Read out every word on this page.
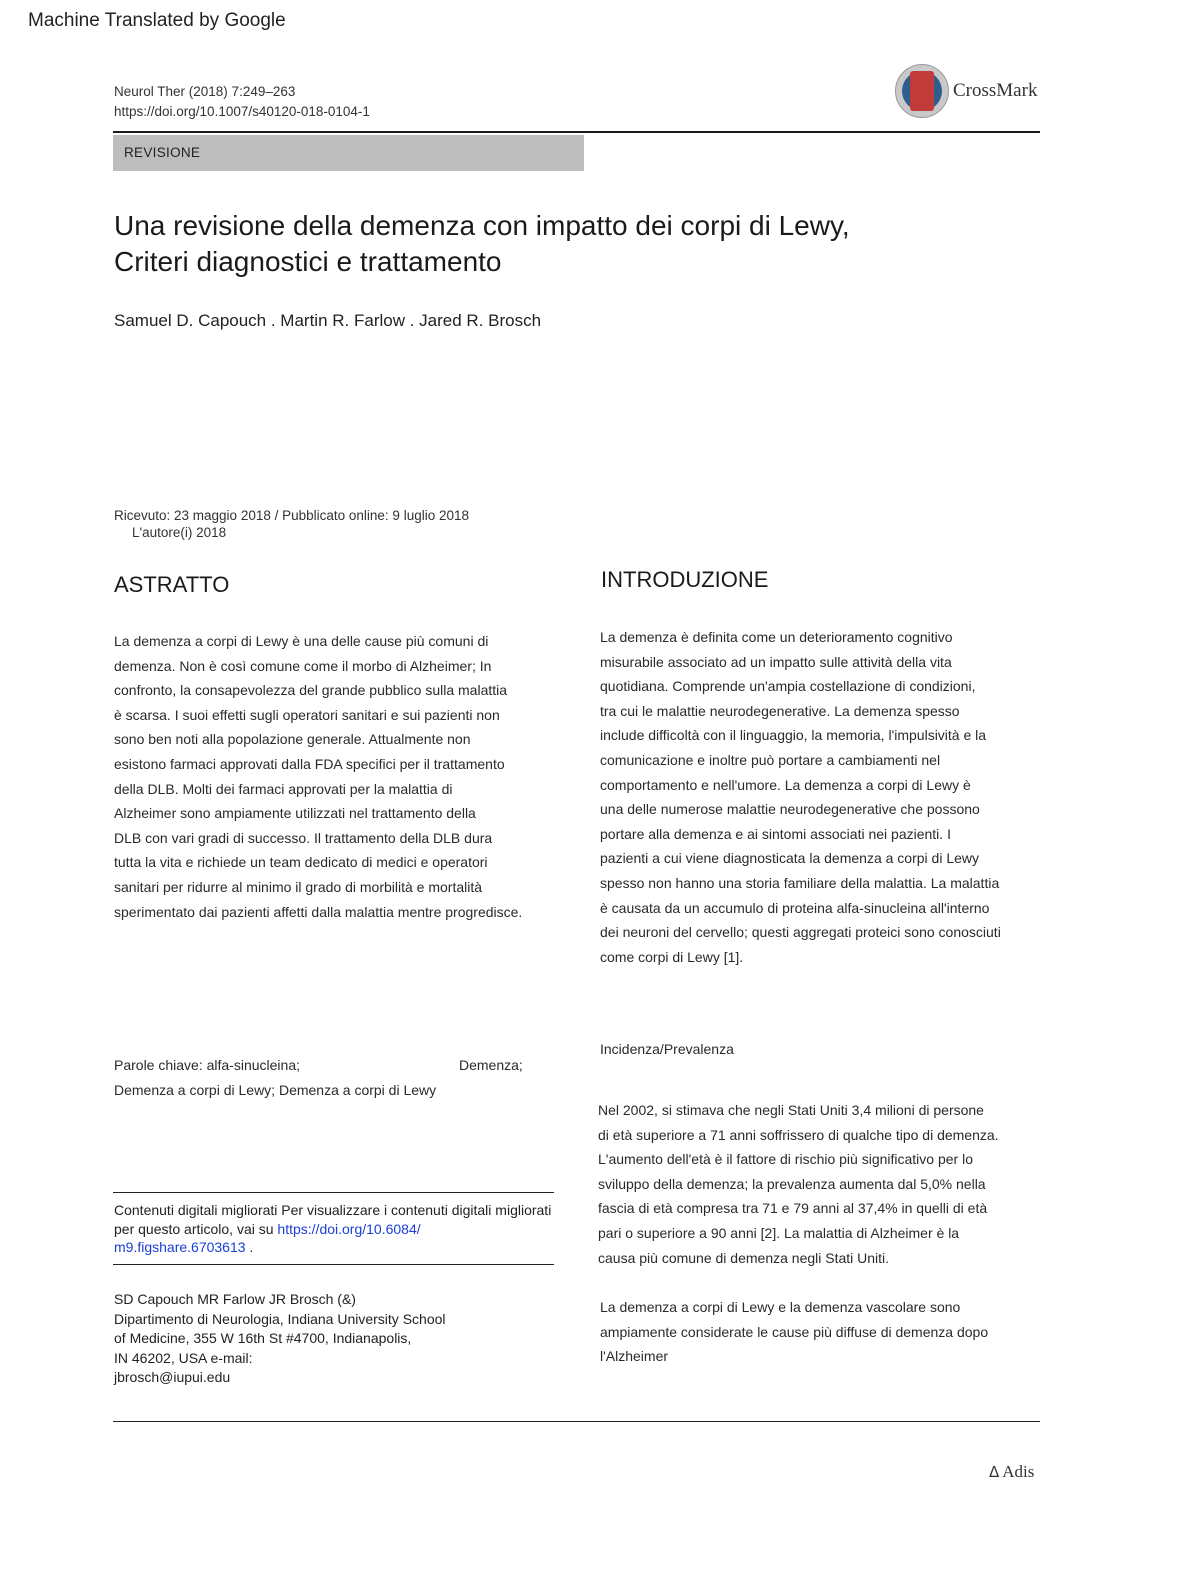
Machine Translated by Google
Neurol Ther (2018) 7:249–263
https://doi.org/10.1007/s40120-018-0104-1
CrossMark
REVISIONE
Una revisione della demenza con impatto dei corpi di Lewy,
Criteri diagnostici e trattamento
Samuel D. Capouch . Martin R. Farlow . Jared R. Brosch
Ricevuto: 23 maggio 2018 / Pubblicato online: 9 luglio 2018
L'autore(i) 2018
ASTRATTO
La demenza a corpi di Lewy è una delle cause più comuni di
demenza. Non è così comune come il morbo di Alzheimer; In
confronto, la consapevolezza del grande pubblico sulla malattia
è scarsa. I suoi effetti sugli operatori sanitari e sui pazienti non
sono ben noti alla popolazione generale. Attualmente non
esistono farmaci approvati dalla FDA specifici per il trattamento
della DLB. Molti dei farmaci approvati per la malattia di
Alzheimer sono ampiamente utilizzati nel trattamento della
DLB con vari gradi di successo. Il trattamento della DLB dura
tutta la vita e richiede un team dedicato di medici e operatori
sanitari per ridurre al minimo il grado di morbilità e mortalità
sperimentato dai pazienti affetti dalla malattia mentre progredisce.
Parole chiave: alfa-sinucleina;	Demenza;
Demenza a corpi di Lewy; Demenza a corpi di Lewy
Contenuti digitali migliorati Per visualizzare i contenuti digitali migliorati per questo articolo, vai su https://doi.org/10.6084/
m9.figshare.6703613 .
SD Capouch MR Farlow JR Brosch (&)
Dipartimento di Neurologia, Indiana University School
of Medicine, 355 W 16th St #4700, Indianapolis,
IN 46202, USA e-mail:
jbrosch@iupui.edu
INTRODUZIONE
La demenza è definita come un deterioramento cognitivo
misurabile associato ad un impatto sulle attività della vita
quotidiana. Comprende un'ampia costellazione di condizioni,
tra cui le malattie neurodegenerative. La demenza spesso
include difficoltà con il linguaggio, la memoria, l'impulsività e la
comunicazione e inoltre può portare a cambiamenti nel
comportamento e nell'umore. La demenza a corpi di Lewy è
una delle numerose malattie neurodegenerative che possono
portare alla demenza e ai sintomi associati nei pazienti. I
pazienti a cui viene diagnosticata la demenza a corpi di Lewy
spesso non hanno una storia familiare della malattia. La malattia
è causata da un accumulo di proteina alfa-sinucleina all'interno
dei neuroni del cervello; questi aggregati proteici sono conosciuti
come corpi di Lewy [1].
Incidenza/Prevalenza
Nel 2002, si stimava che negli Stati Uniti 3,4 milioni di persone
di età superiore a 71 anni soffrissero di qualche tipo di demenza.
L'aumento dell'età è il fattore di rischio più significativo per lo
sviluppo della demenza; la prevalenza aumenta dal 5,0% nella
fascia di età compresa tra 71 e 79 anni al 37,4% in quelli di età
pari o superiore a 90 anni [2]. La malattia di Alzheimer è la
causa più comune di demenza negli Stati Uniti.
La demenza a corpi di Lewy e la demenza vascolare sono
ampiamente considerate le cause più diffuse di demenza dopo
l'Alzheimer
Δ Adis
